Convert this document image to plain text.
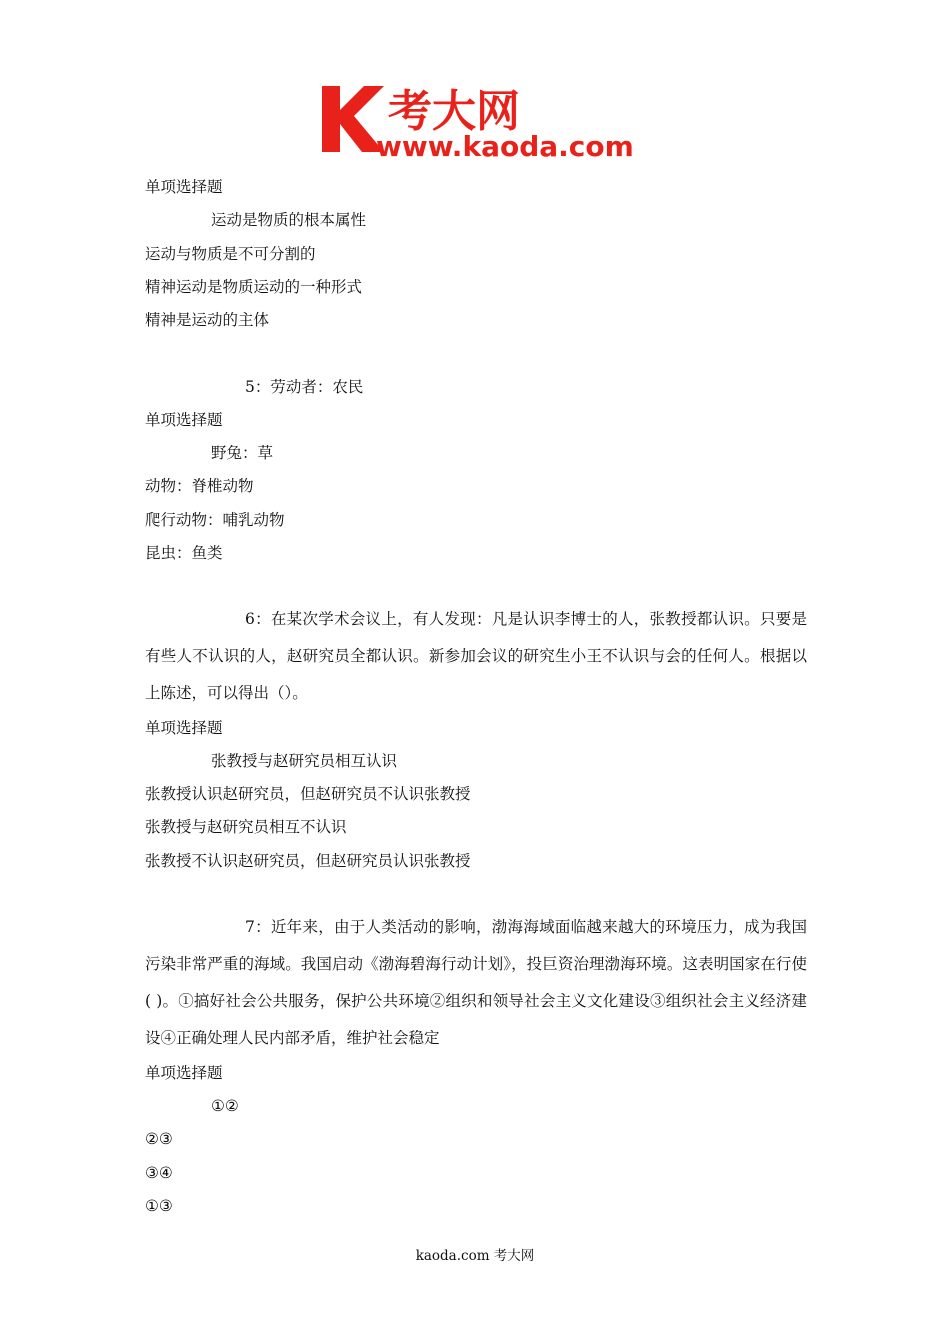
考大网
www.kaoda.com
单项选择题
运动是物质的根本属性
运动与物质是不可分割的
精神运动是物质运动的一种形式
精神是运动的主体
5：劳动者：农民
单项选择题
野兔：草
动物：脊椎动物
爬行动物：哺乳动物
昆虫：鱼类
6：在某次学术会议上，有人发现：凡是认识李博士的人，张教授都认识。只要是有些人不认识的人，赵研究员全都认识。新参加会议的研究生小王不认识与会的任何人。根据以上陈述，可以得出（）。
单项选择题
张教授与赵研究员相互认识
张教授认识赵研究员，但赵研究员不认识张教授
张教授与赵研究员相互不认识
张教授不认识赵研究员，但赵研究员认识张教授
7：近年来，由于人类活动的影响，渤海海域面临越来越大的环境压力，成为我国污染非常严重的海域。我国启动《渤海碧海行动计划》，投巨资治理渤海环境。这表明国家在行使( )。①搞好社会公共服务，保护公共环境②组织和领导社会主义文化建设③组织社会主义经济建设④正确处理人民内部矛盾，维护社会稳定
单项选择题
①②
②③
③④
①③
kaoda.com 考大网
